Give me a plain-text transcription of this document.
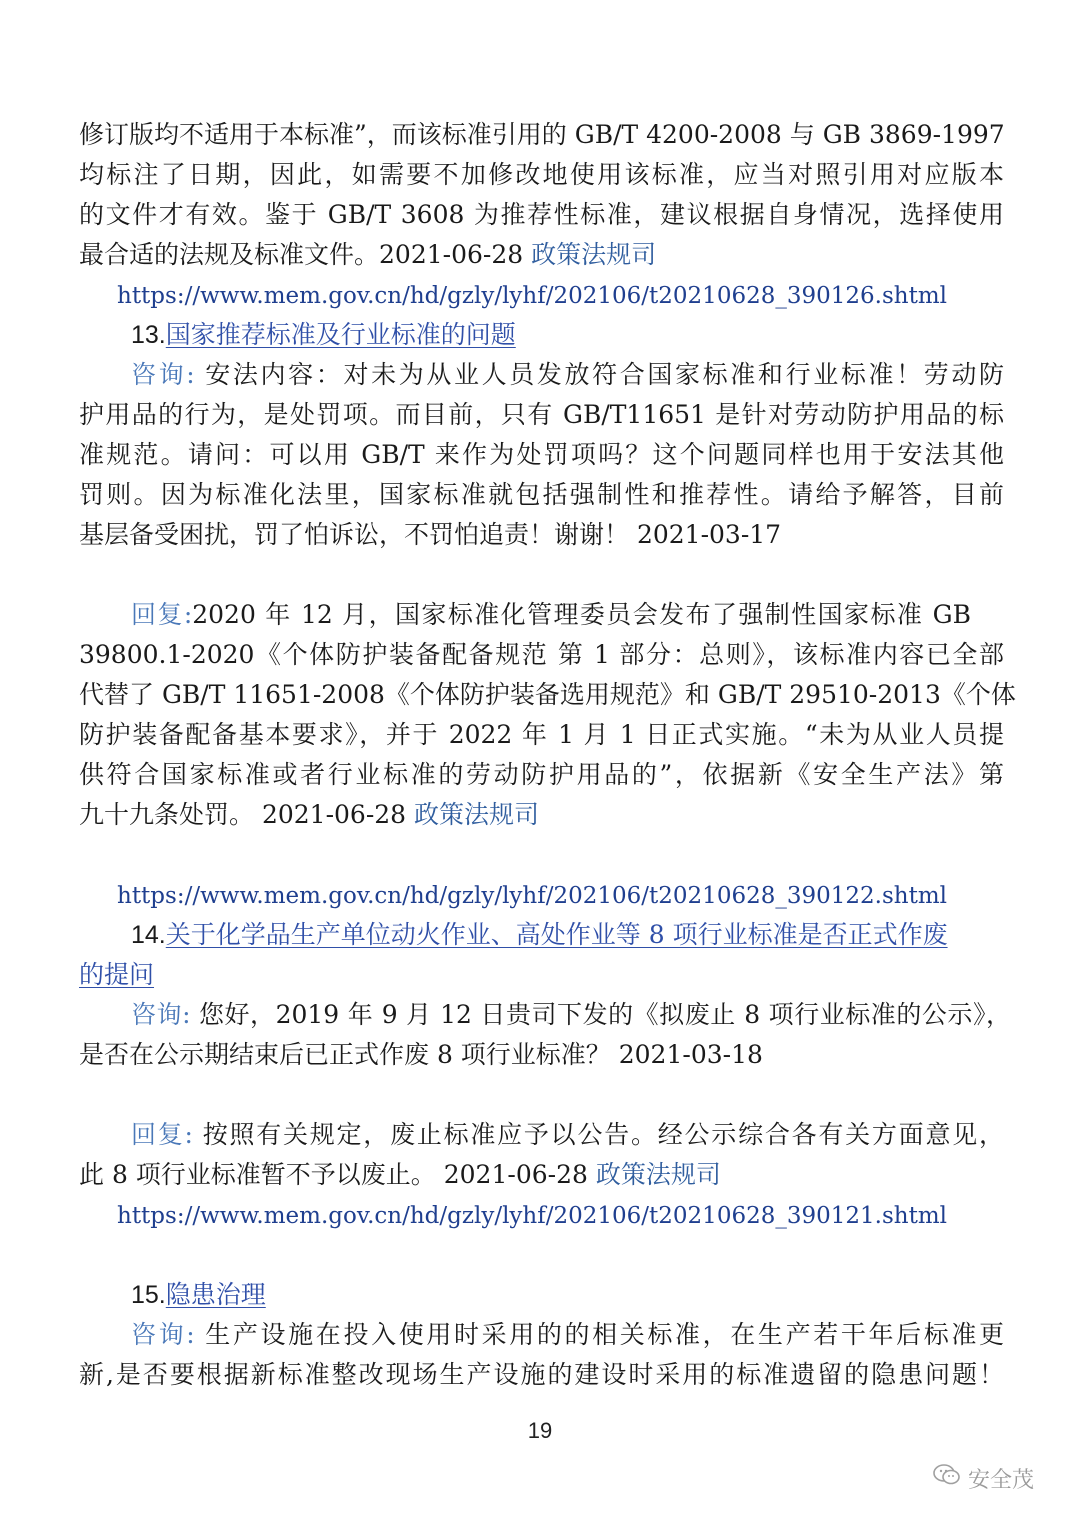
修订版均不适用于本标准”，而该标准引用的 GB/T 4200-2008 与 GB 3869-1997
均标注了日期，因此，如需要不加修改地使用该标准，应当对照引用对应版本
的文件才有效。鉴于 GB/T 3608 为推荐性标准，建议根据自身情况，选择使用
最合适的法规及标准文件。2021-06-28 政策法规司
https://www.mem.gov.cn/hd/gzly/lyhf/202106/t20210628_390126.shtml
13.国家推荐标准及行业标准的问题
咨询: 安法内容：对未为从业人员发放符合国家标准和行业标准！劳动防
护用品的行为，是处罚项。而目前，只有 GB/T11651 是针对劳动防护用品的标
准规范。请问：可以用 GB/T 来作为处罚项吗？这个问题同样也用于安法其他
罚则。因为标准化法里，国家标准就包括强制性和推荐性。请给予解答，目前
基层备受困扰，罚了怕诉讼，不罚怕追责！谢谢！ 2021-03-17
回复:2020 年 12 月，国家标准化管理委员会发布了强制性国家标准 GB
39800.1-2020《个体防护装备配备规范 第 1 部分：总则》，该标准内容已全部
代替了 GB/T 11651-2008《个体防护装备选用规范》和 GB/T 29510-2013《个体
防护装备配备基本要求》，并于 2022 年 1 月 1 日正式实施。“未为从业人员提
供符合国家标准或者行业标准的劳动防护用品的”，依据新《安全生产法》第
九十九条处罚。 2021-06-28 政策法规司
https://www.mem.gov.cn/hd/gzly/lyhf/202106/t20210628_390122.shtml
14.关于化学品生产单位动火作业、高处作业等 8 项行业标准是否正式作废
的提问
咨询: 您好，2019 年 9 月 12 日贵司下发的《拟废止 8 项行业标准的公示》，
是否在公示期结束后已正式作废 8 项行业标准？ 2021-03-18
回复: 按照有关规定，废止标准应予以公告。经公示综合各有关方面意见，
此 8 项行业标准暂不予以废止。 2021-06-28 政策法规司
https://www.mem.gov.cn/hd/gzly/lyhf/202106/t20210628_390121.shtml
15.隐患治理
咨询: 生产设施在投入使用时采用的的相关标准，在生产若干年后标准更
新,是否要根据新标准整改现场生产设施的建设时采用的标准遗留的隐患问题！
19
安全茂
